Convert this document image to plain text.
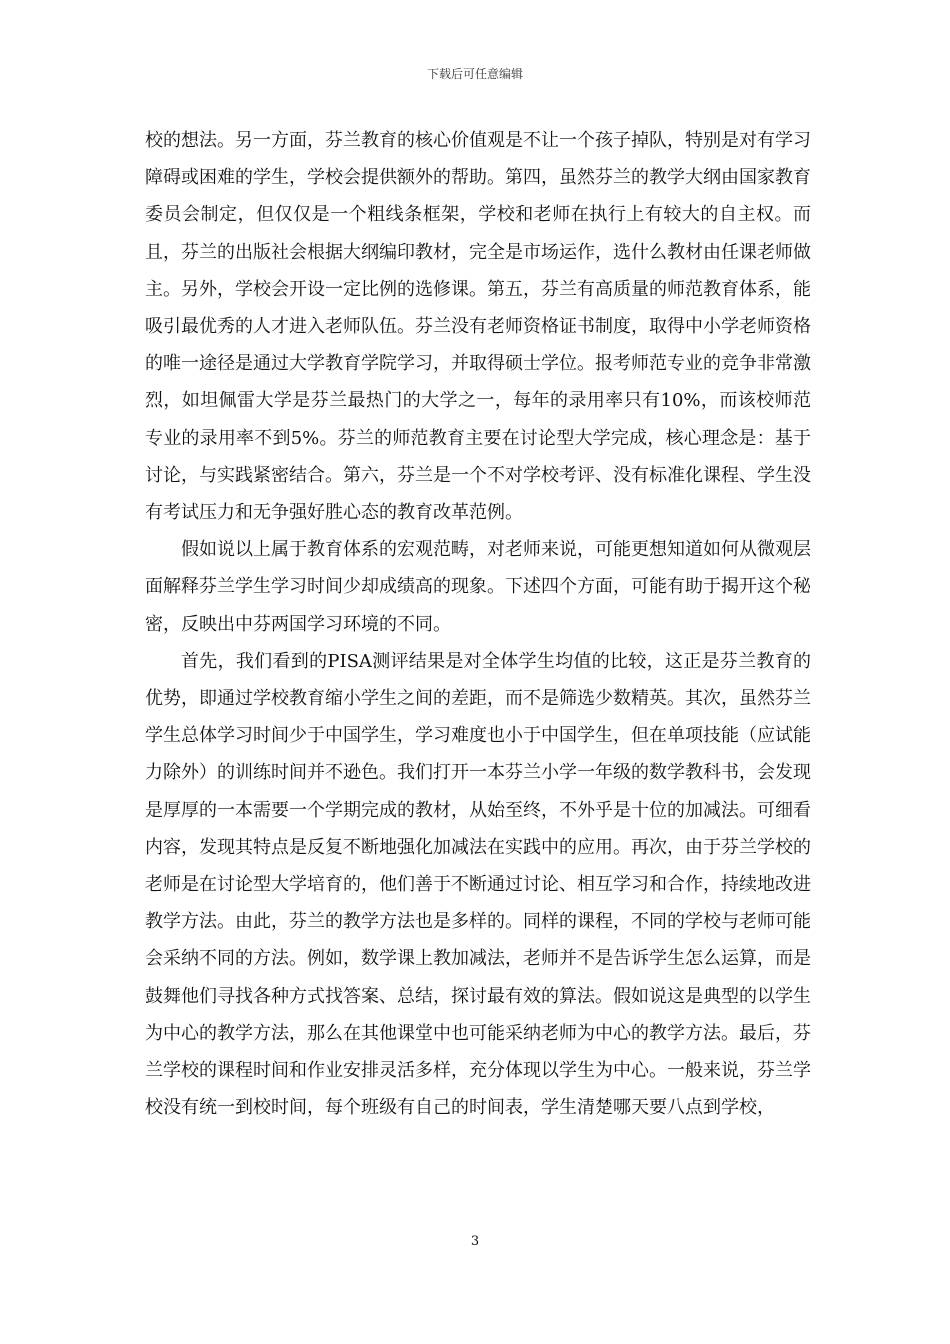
下载后可任意编辑

校的想法。另一方面，芬兰教育的核心价值观是不让一个孩子掉队，特别是对有学习障碍或困难的学生，学校会提供额外的帮助。第四，虽然芬兰的教学大纲由国家教育委员会制定，但仅仅是一个粗线条框架，学校和老师在执行上有较大的自主权。而且，芬兰的出版社会根据大纲编印教材，完全是市场运作，选什么教材由任课老师做主。另外，学校会开设一定比例的选修课。第五，芬兰有高质量的师范教育体系，能吸引最优秀的人才进入老师队伍。芬兰没有老师资格证书制度，取得中小学老师资格的唯一途径是通过大学教育学院学习，并取得硕士学位。报考师范专业的竞争非常激烈，如坦佩雷大学是芬兰最热门的大学之一，每年的录用率只有10%，而该校师范专业的录用率不到5%。芬兰的师范教育主要在讨论型大学完成，核心理念是：基于讨论，与实践紧密结合。第六，芬兰是一个不对学校考评、没有标准化课程、学生没有考试压力和无争强好胜心态的教育改革范例。

假如说以上属于教育体系的宏观范畴，对老师来说，可能更想知道如何从微观层面解释芬兰学生学习时间少却成绩高的现象。下述四个方面，可能有助于揭开这个秘密，反映出中芬两国学习环境的不同。

首先，我们看到的PISA测评结果是对全体学生均值的比较，这正是芬兰教育的优势，即通过学校教育缩小学生之间的差距，而不是筛选少数精英。其次，虽然芬兰学生总体学习时间少于中国学生，学习难度也小于中国学生，但在单项技能（应试能力除外）的训练时间并不逊色。我们打开一本芬兰小学一年级的数学教科书，会发现是厚厚的一本需要一个学期完成的教材，从始至终，不外乎是十位的加减法。可细看内容，发现其特点是反复不断地强化加减法在实践中的应用。再次，由于芬兰学校的老师是在讨论型大学培育的，他们善于不断通过讨论、相互学习和合作，持续地改进教学方法。由此，芬兰的教学方法也是多样的。同样的课程，不同的学校与老师可能会采纳不同的方法。例如，数学课上教加减法，老师并不是告诉学生怎么运算，而是鼓舞他们寻找各种方式找答案、总结，探讨最有效的算法。假如说这是典型的以学生为中心的教学方法，那么在其他课堂中也可能采纳老师为中心的教学方法。最后，芬兰学校的课程时间和作业安排灵活多样，充分体现以学生为中心。一般来说，芬兰学校没有统一到校时间，每个班级有自己的时间表，学生清楚哪天要八点到学校，

3
